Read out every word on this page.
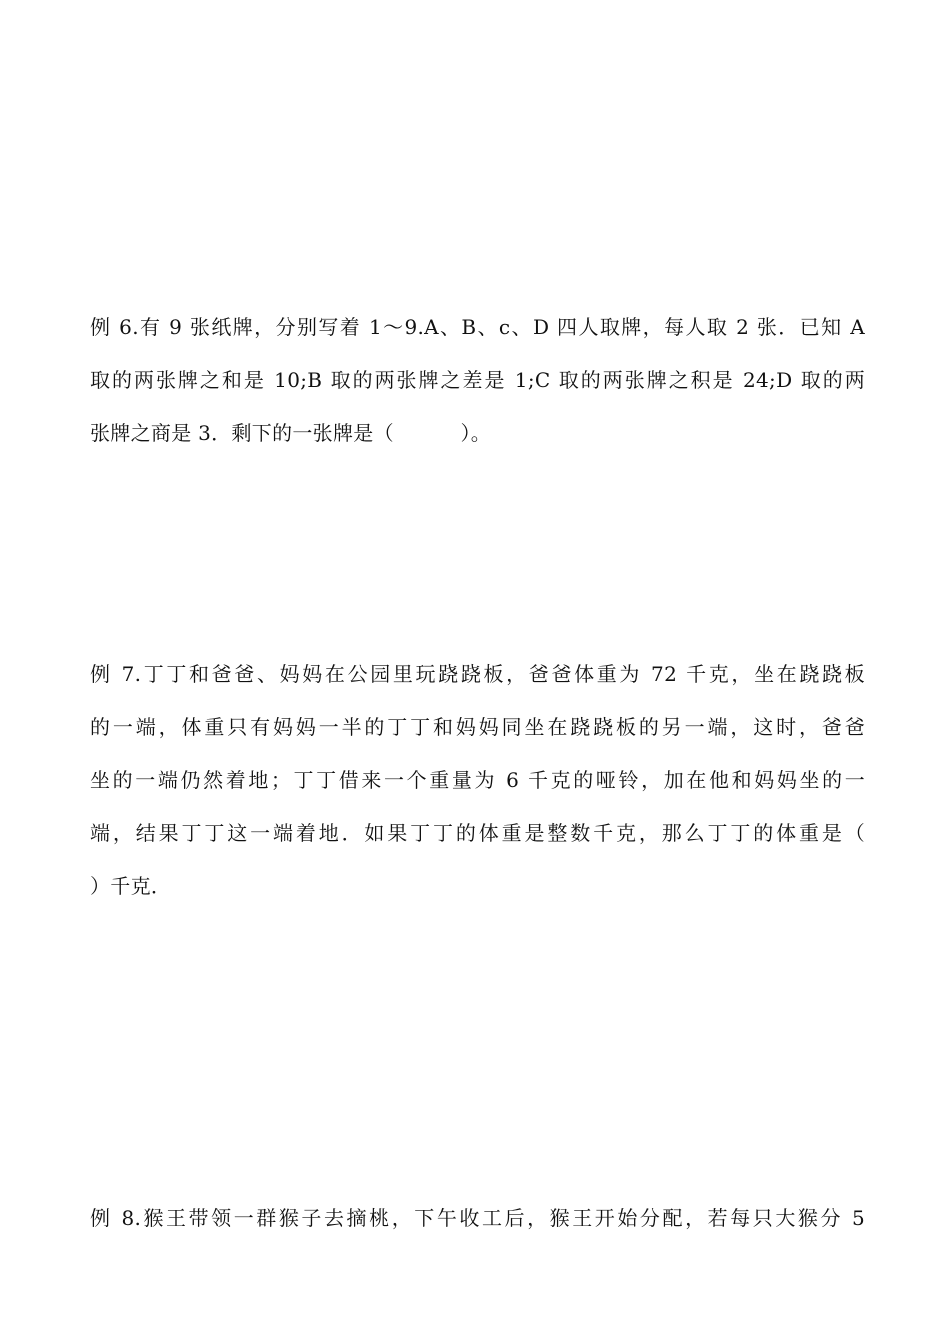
例 6.有 9 张纸牌，分别写着 1～9.A、B、c、D 四人取牌，每人取 2 张．已知 A
取的两张牌之和是 10;B 取的两张牌之差是 1;C 取的两张牌之积是 24;D 取的两
张牌之商是 3．剩下的一张牌是（          ）。
例 7.丁丁和爸爸、妈妈在公园里玩跷跷板，爸爸体重为 72 千克，坐在跷跷板
的一端，体重只有妈妈一半的丁丁和妈妈同坐在跷跷板的另一端，这时，爸爸
坐的一端仍然着地；丁丁借来一个重量为 6 千克的哑铃，加在他和妈妈坐的一
端，结果丁丁这一端着地．如果丁丁的体重是整数千克，那么丁丁的体重是（
）千克．
例 8.猴王带领一群猴子去摘桃，下午收工后，猴王开始分配，若每只大猴分 5
